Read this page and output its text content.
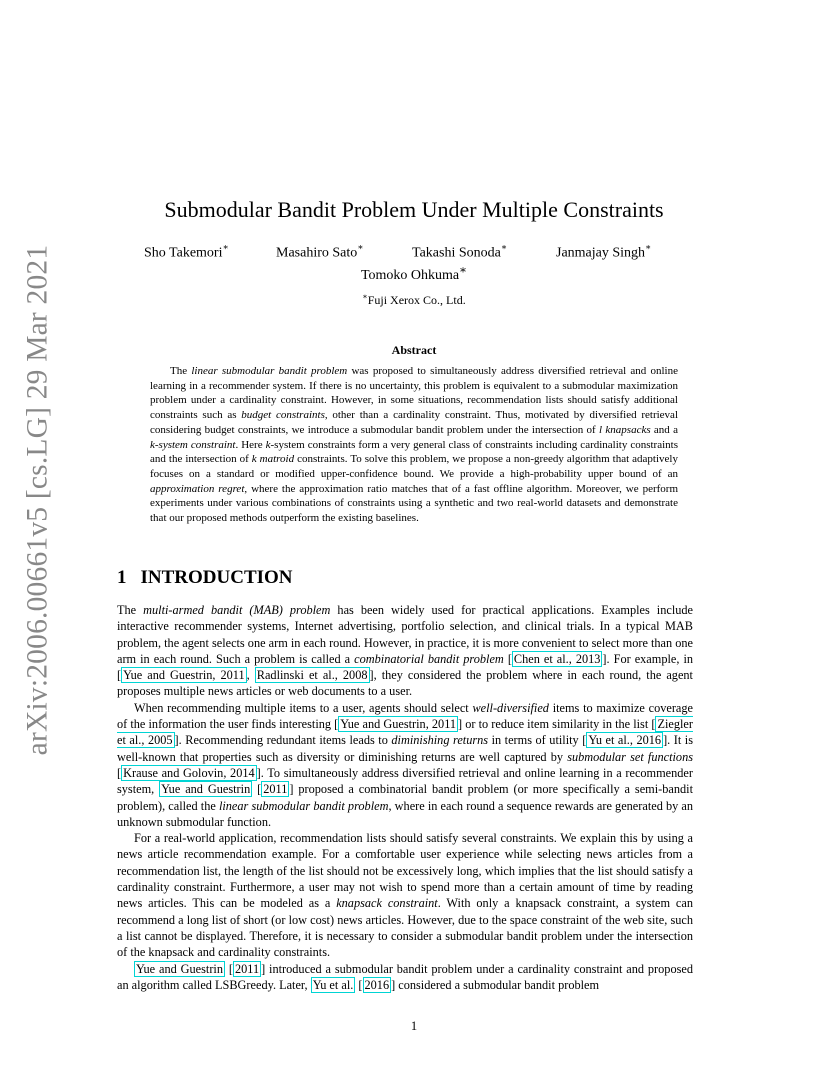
arXiv:2006.00661v5 [cs.LG] 29 Mar 2021
Submodular Bandit Problem Under Multiple Constraints
Sho Takemori∗	Masahiro Sato∗	Takashi Sonoda∗	Janmajay Singh∗
Tomoko Ohkuma∗
∗Fuji Xerox Co., Ltd.
Abstract

The linear submodular bandit problem was proposed to simultaneously address diversified retrieval and online learning in a recommender system. If there is no uncertainty, this problem is equivalent to a submodular maximization problem under a cardinality constraint. However, in some situations, recommendation lists should satisfy additional constraints such as budget constraints, other than a cardinality constraint. Thus, motivated by diversified retrieval considering budget constraints, we introduce a submodular bandit problem under the intersection of l knapsacks and a k-system constraint. Here k-system constraints form a very general class of constraints including cardinality constraints and the intersection of k matroid constraints. To solve this problem, we propose a non-greedy algorithm that adaptively focuses on a standard or modified upper-confidence bound. We provide a high-probability upper bound of an approximation regret, where the approximation ratio matches that of a fast offline algorithm. Moreover, we perform experiments under various combinations of constraints using a synthetic and two real-world datasets and demonstrate that our proposed methods outperform the existing baselines.

1 INTRODUCTION

The multi-armed bandit (MAB) problem has been widely used for practical applications. Examples include interactive recommender systems, Internet advertising, portfolio selection, and clinical trials. In a typical MAB problem, the agent selects one arm in each round. However, in practice, it is more convenient to select more than one arm in each round. Such a problem is called a combinatorial bandit problem [ Chen et al., 2013 ]. For example, in [ Yue and Guestrin, 2011 , Radlinski et al., 2008 ], they considered the problem where in each round, the agent proposes multiple news articles or web documents to a user.

When recommending multiple items to a user, agents should select well-diversified items to maximize coverage of the information the user finds interesting [ Yue and Guestrin, 2011 ] or to reduce item similarity in the list [ Ziegler et al., 2005 ]. Recommending redundant items leads to diminishing returns in terms of utility [ Yu et al., 2016 ]. It is well-known that properties such as diversity or diminishing returns are well captured by submodular set functions [ Krause and Golovin, 2014 ]. To simultaneously address diversified retrieval and online learning in a recommender system, Yue and Guestrin [ 2011 ] proposed a combinatorial bandit problem (or more specifically a semi-bandit problem), called the linear submodular bandit problem, where in each round a sequence rewards are generated by an unknown submodular function.

For a real-world application, recommendation lists should satisfy several constraints. We explain this by using a news article recommendation example. For a comfortable user experience while selecting news articles from a recommendation list, the length of the list should not be excessively long, which implies that the list should satisfy a cardinality constraint. Furthermore, a user may not wish to spend more than a certain amount of time by reading news articles. This can be modeled as a knapsack constraint. With only a knapsack constraint, a system can recommend a long list of short (or low cost) news articles. However, due to the space constraint of the web site, such a list cannot be displayed. Therefore, it is necessary to consider a submodular bandit problem under the intersection of the knapsack and cardinality constraints.

Yue and Guestrin [ 2011 ] introduced a submodular bandit problem under a cardinality constraint and proposed an algorithm called LSBGreedy. Later, Yu et al. [ 2016 ] considered a submodular bandit problem

1
